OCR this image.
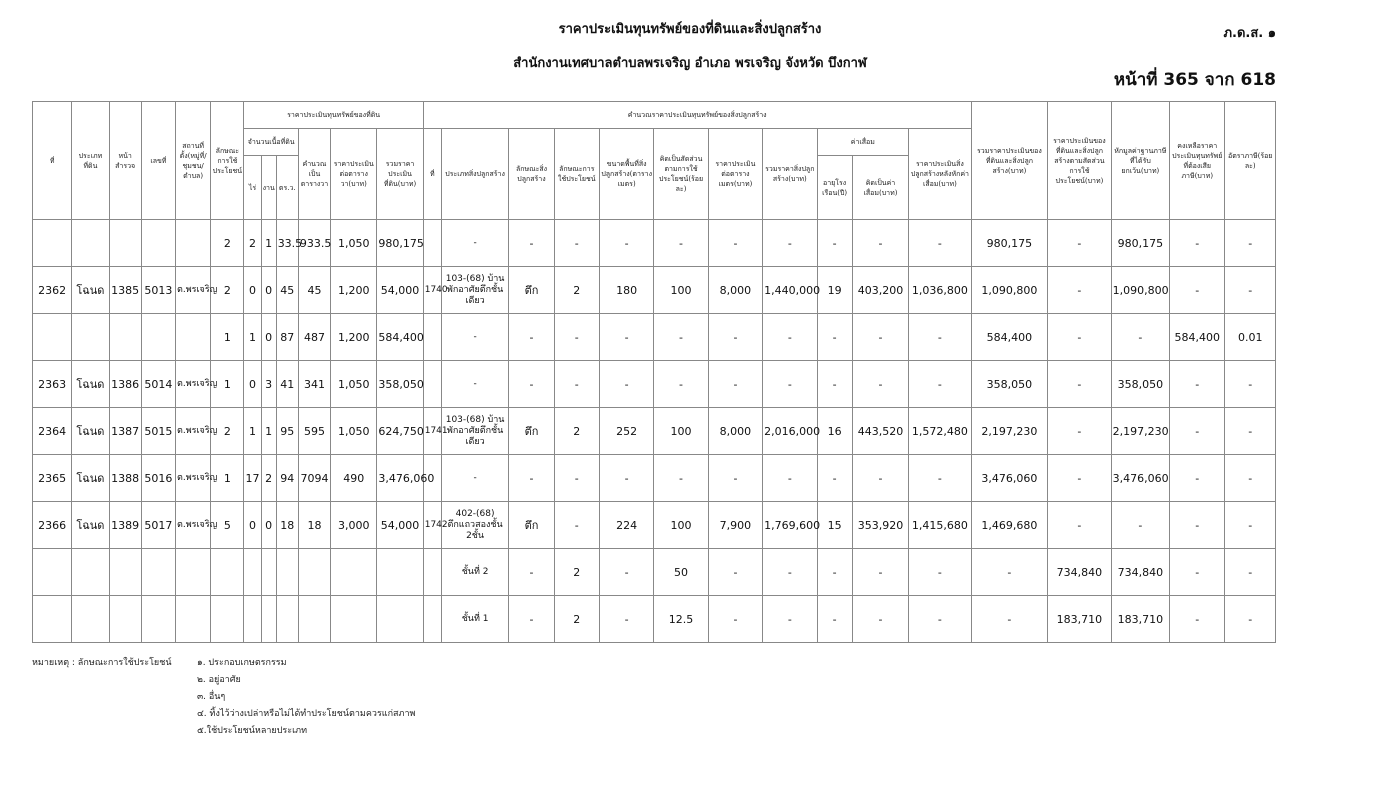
ราคาประเมินทุนทรัพย์ของที่ดินและสิ่งปลูกสร้าง
สำนักงานเทศบาลตำบลพรเจริญ อำเภอ พรเจริญ จังหวัด บึงกาฬ
ภ.ด.ส. ๑
หน้าที่ 365 จาก 618
ที่	ประเภทที่ดิน	หน้าสำรวจ	เลขที่	สถานที่ตั้ง(หมู่ที่/ชุมชน/ตำบล)	ลักษณะการใช้ประโยชน์	ราคาประเมินทุนทรัพย์ของที่ดิน						คำนวณราคาประเมินทุนทรัพย์ของสิ่งปลูกสร้าง											รวมราคาประเมินของที่ดินและสิ่งปลูกสร้าง(บาท)	ราคาประเมินของที่ดินและสิ่งปลูกสร้างตามสัดส่วนการใช้ประโยชน์(บาท)	หักมูลค่าฐานภาษีที่ได้รับยกเว้น(บาท)	คงเหลือราคาประเมินทุนทรัพย์ที่ต้องเสียภาษี(บาท)	อัตราภาษี(ร้อยละ)
						จำนวนเนื้อที่ดิน			คำนวณเป็นตารางวา	ราคาประเมินต่อตารางวา(บาท)	รวมราคาประเมินที่ดิน(บาท)	ที่	ประเภทสิ่งปลูกสร้าง	ลักษณะสิ่งปลูกสร้าง	ลักษณะการใช้ประโยชน์	ขนาดพื้นที่สิ่งปลูกสร้าง(ตารางเมตร)	คิดเป็นสัดส่วนตามการใช้ประโยชน์(ร้อยละ)	ราคาประเมินต่อตารางเมตร(บาท)	รวมราคาสิ่งปลูกสร้าง(บาท)	ค่าเสื่อม		ราคาประเมินสิ่งปลูกสร้างหลังหักค่าเสื่อม(บาท)					
						ไร่	งาน	ตร.ว.												อายุโรงเรือน(ปี)	คิดเป็นค่าเสื่อม(บาท)						
					2	2	1	33.5	933.5	1,050	980,175		-	-	-	-	-	-	-	-	-	-	980,175	-	980,175	-	-
2362	โฉนด	1385	5013	ต.พรเจริญ	2	0	0	45	45	1,200	54,000	1740	103-(68) บ้านพักอาศัยตึกชั้นเดียว	ตึก	2	180	100	8,000	1,440,000	19	403,200	1,036,800	1,090,800	-	1,090,800	-	-
					1	1	0	87	487	1,200	584,400		-	-	-	-	-	-	-	-	-	-	584,400	-	-	584,400	0.01
2363	โฉนด	1386	5014	ต.พรเจริญ	1	0	3	41	341	1,050	358,050		-	-	-	-	-	-	-	-	-	-	358,050	-	358,050	-	-
2364	โฉนด	1387	5015	ต.พรเจริญ	2	1	1	95	595	1,050	624,750	1741	103-(68) บ้านพักอาศัยตึกชั้นเดียว	ตึก	2	252	100	8,000	2,016,000	16	443,520	1,572,480	2,197,230	-	2,197,230	-	-
2365	โฉนด	1388	5016	ต.พรเจริญ	1	17	2	94	7094	490	3,476,060		-	-	-	-	-	-	-	-	-	-	3,476,060	-	3,476,060	-	-
2366	โฉนด	1389	5017	ต.พรเจริญ	5	0	0	18	18	3,000	54,000	1742	402-(68) ตึกแถวสองชั้น 2ชั้น	ตึก	-	224	100	7,900	1,769,600	15	353,920	1,415,680	1,469,680	-	-	-	-
													ชั้นที่ 2	-	2	-	50	-	-	-	-	-	-	734,840	734,840	-	-
													ชั้นที่ 1	-	2	-	12.5	-	-	-	-	-	-	183,710	183,710	-	-
หมายเหตุ : ลักษณะการใช้ประโยชน์	๑. ประกอบเกษตรกรรม
๒. อยู่อาศัย
๓. อื่นๆ
๔. ทิ้งไว้ว่างเปล่าหรือไม่ได้ทำประโยชน์ตามควรแก่สภาพ
๕.ใช้ประโยชน์หลายประเภท
